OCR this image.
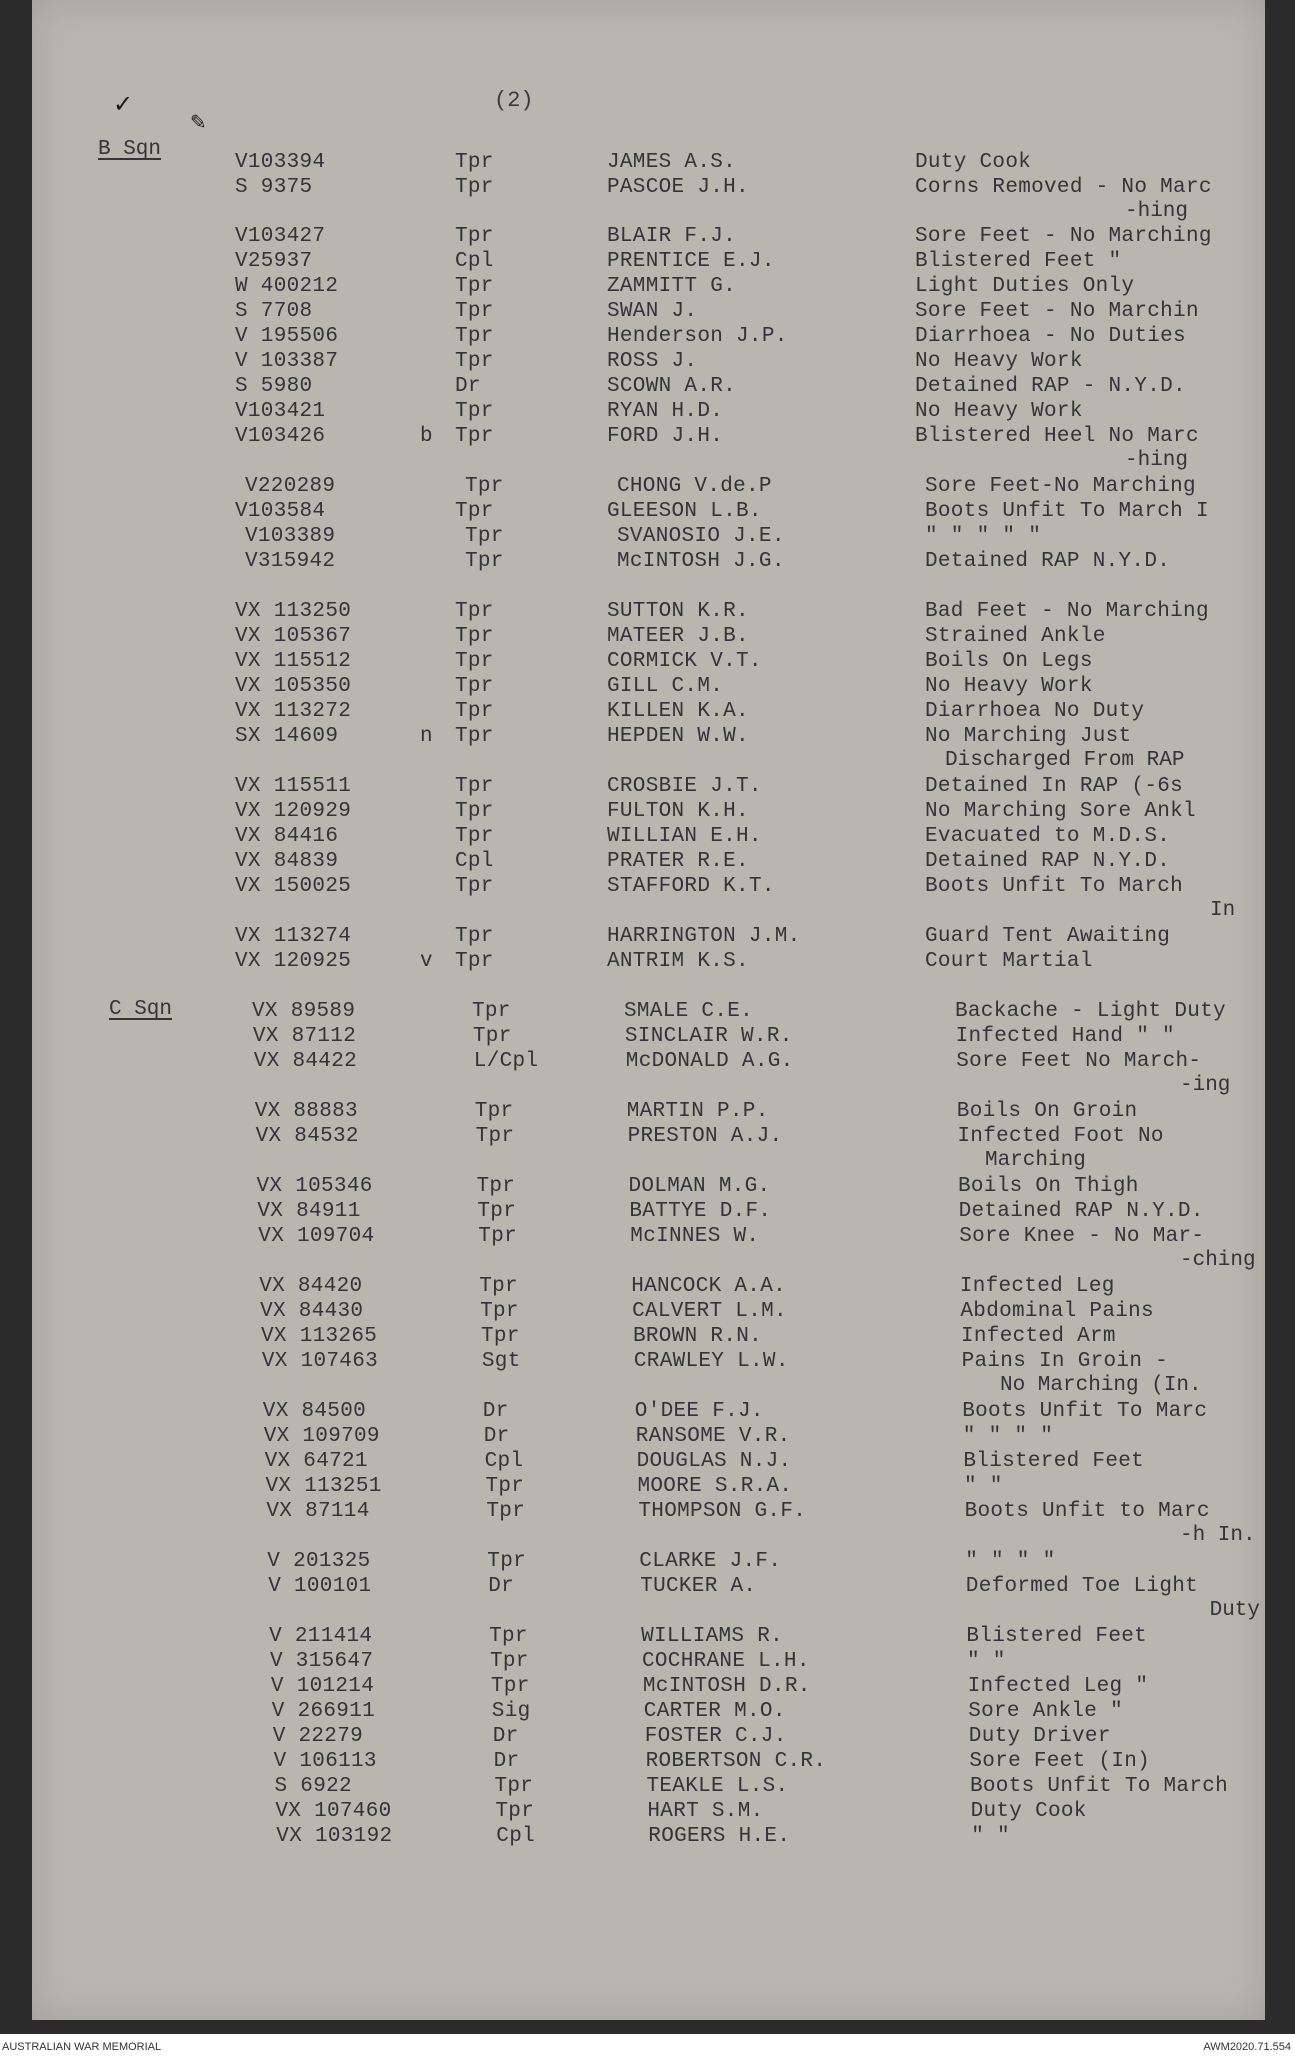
(2)
✓
✎
B Sqn
C Sqn
V103394	Tpr	JAMES A.S.	Duty Cook
S 9375	Tpr	PASCOE J.H.	Corns Removed - No Marc
-hing
V103427	Tpr	BLAIR F.J.	Sore Feet - No Marching
V25937	Cpl	PRENTICE E.J.	Blistered Feet "
W 400212	Tpr	ZAMMITT G.	Light Duties Only
S 7708	Tpr	SWAN J.	Sore Feet - No Marchin
V 195506	Tpr	Henderson J.P.	Diarrhoea - No Duties
V 103387	Tpr	ROSS J.	No Heavy Work
S 5980	Dr	SCOWN A.R.	Detained RAP - N.Y.D.
V103421	Tpr	RYAN H.D.	No Heavy Work
V103426	b Tpr	FORD J.H.	Blistered Heel No Marc
-hing
V220289	Tpr	CHONG V.de.P	Sore Feet-No Marching
V103584	Tpr	GLEESON L.B.	Boots Unfit To March I
V103389	Tpr	SVANOSIO J.E.	" " " " "
V315942	Tpr	McINTOSH J.G.	Detained RAP N.Y.D.
VX 113250	Tpr	SUTTON K.R.	Bad Feet - No Marching
VX 105367	Tpr	MATEER J.B.	Strained Ankle
VX 115512	Tpr	CORMICK V.T.	Boils On Legs
VX 105350	Tpr	GILL C.M.	No Heavy Work
VX 113272	Tpr	KILLEN K.A.	Diarrhoea No Duty
SX 14609	n Tpr	HEPDEN W.W.	No Marching Just
Discharged From RAP
VX 115511	Tpr	CROSBIE J.T.	Detained In RAP (-6s
VX 120929	Tpr	FULTON K.H.	No Marching Sore Ankl
VX 84416	Tpr	WILLIAN E.H.	Evacuated to M.D.S.
VX 84839	Cpl	PRATER R.E.	Detained RAP N.Y.D.
VX 150025	Tpr	STAFFORD K.T.	Boots Unfit To March
In
VX 113274	Tpr	HARRINGTON J.M.	Guard Tent Awaiting
VX 120925	v Tpr	ANTRIM K.S.	Court Martial
VX 89589	Tpr	SMALE C.E.	Backache - Light Duty
VX 87112	Tpr	SINCLAIR W.R.	Infected Hand " "
VX 84422	L/Cpl	McDONALD A.G.	Sore Feet No March-
-ing
VX 88883	Tpr	MARTIN P.P.	Boils On Groin
VX 84532	Tpr	PRESTON A.J.	Infected Foot No
Marching
VX 105346	Tpr	DOLMAN M.G.	Boils On Thigh
VX 84911	Tpr	BATTYE D.F.	Detained RAP N.Y.D.
VX 109704	Tpr	McINNES W.	Sore Knee - No Mar-
-ching
VX 84420	Tpr	HANCOCK A.A.	Infected Leg
VX 84430	Tpr	CALVERT L.M.	Abdominal Pains
VX 113265	Tpr	BROWN R.N.	Infected Arm
VX 107463	Sgt	CRAWLEY L.W.	Pains In Groin -
No Marching (In.
VX 84500	Dr	O'DEE F.J.	Boots Unfit To Marc
VX 109709	Dr	RANSOME V.R.	" " " "
VX 64721	Cpl	DOUGLAS N.J.	Blistered Feet
VX 113251	Tpr	MOORE S.R.A.	" "
VX 87114	Tpr	THOMPSON G.F.	Boots Unfit to Marc
-h In.
V 201325	Tpr	CLARKE J.F.	" " " "
V 100101	Dr	TUCKER A.	Deformed Toe Light
Duty
V 211414	Tpr	WILLIAMS R.	Blistered Feet
V 315647	Tpr	COCHRANE L.H.	" "
V 101214	Tpr	McINTOSH D.R.	Infected Leg "
V 266911	Sig	CARTER M.O.	Sore Ankle "
V 22279	Dr	FOSTER C.J.	Duty Driver
V 106113	Dr	ROBERTSON C.R.	Sore Feet (In)
S 6922	Tpr	TEAKLE L.S.	Boots Unfit To March
VX 107460	Tpr	HART S.M.	Duty Cook
VX 103192	Cpl	ROGERS H.E.	" "
AUSTRALIAN WAR MEMORIAL	AWM2020.71.554
